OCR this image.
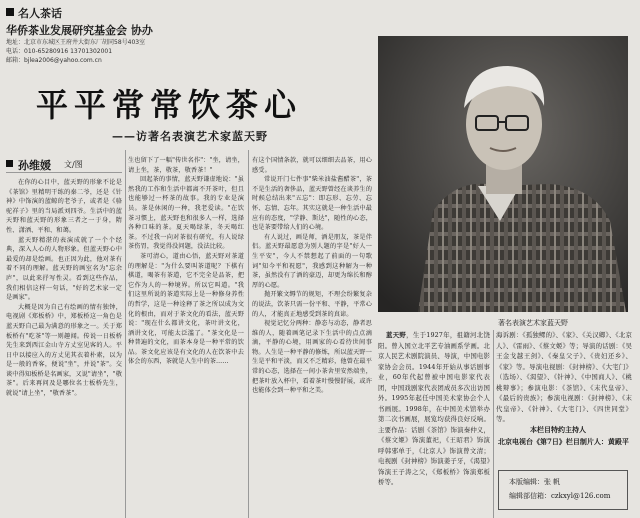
名人茶话
华侨茶业发展研究基金会 协办
地址：北京市东城区王府井大街东厂胡同58号403室
电话：010-65280916 13701302001
邮箱：bjlea2006@yahoo.com.cn
平平常常饮茶心
——访著名表演艺术家蓝天野
孙维媛 文/图

在你的心目中，蓝天野的形象不论是《茶馆》里精明干练的秦二爷，还是《针神》中饰演的蓝鲸的老爷子，或者是《骆驼祥子》里的当局派刘四爷。生活中的蓝天野和蓝天野的形象三者之一于身，隋性、潇洒、平和、和蔼。

蓝天野精湛的表演成就了一个个经典，深入人心的人物形象。但蓝天野心中最爱的却是绘画。也正因为此，他对茶有着不同的理解。蓝天野的画室名为"忘余庐"，以此来抒写性灵。看到这些作品，我们相信这样一句话，"好的艺术家一定是画家"。

大概是因为自己有绘画的情有独钟，电视剧《郑板桥》中，郑板桥这一角色是蓝天野自己最为满意的形象之一。关于郑板桥有"吃茶"等一则趣闻。传说一日板桥先生来到西江金山寺方丈室见客的人。平日中以接应入的方丈见其衣着朴素，以为是一般的香客，便说"坐"，并说"茶"。交谈中得知板桥是名画家，又说"请坐"，"敬茶"。后来再问及是哪位名士板桥先生，就说"请上坐"，"敬香茶"。

生也留下了一幅"传世名作"："坐，请坐，请上坐，茶，敬茶，敬香茶！"

回起茶的事情，蓝天野谦虚地说："虽然我的工作和生活中都离不开茶叶，但且也能够过一杯茶的故事。我的专业是演员。茶是休闲的一种，我老爱读。"在饮茶习惯上，蓝天野也和很多人一样，选择各种口味的茶。夏天喝绿茶，冬天喝红茶。不过我一向对茶很有研究，有人说绿茶伤胃，我觉得没问题，没法比较。

茶可清心，道由心悟，蓝天野对茶道的理解是："为什么要叫茶道呢？下棋有棋道，喝茶有茶道，它不完全是品茶，把它作为人的一种境界。所以它叫道。"我们这里所说的茶道实际上是一种修身养性的哲学，这是一种诠释了茶之所以成为文化的根由，而对于茶文化的看法，蓝天野说："现在什么都讲文化，茶叶讲文化，酒讲文化，可能太泛滥了。"茶文化是一种普遍的文化，而茶本身是一种平常的饮品。茶文化应该是有文化的人在饮茶中去体会的东西，茶就是人生中的茶……

有这个国情条款，就可以细细去品茶，用心感受。

常说开门七件事"柴米油盐酱醋茶"，茶不是生活的奢侈品，蓝天野曾经在谈养生的时候总结出来"五忘"：即忘形、忘劳、忘怀、忘情、忘年。其实这就是一种生活中最应有的态度，"学静、斯达"，随性的心态，也是茶要带给人们的心境。

有人说过，画是师，酒是朋友，茶是伴侣。蓝天野最愿意为别人题的字是"好人一生平安"，今人不禁想起了前面的一句歌词"知今平和祝愿"，我感到这种解为一种茶，虽然没有了酒的豪迈，却更为绵长和醇厚的心愿。

抛开繁文缛节的规矩，不理会纷繁复杂的说法，饮茶只需一份平和、平静，平常心的人，才能真正地感受到茶的真谛。

视觉记忆分两种：静态与动态，静者思维的人，随着画笔记录下生活中的点点滴滴，平静的心境，用画家的心看待世间事物。人生是一种平静的修炼，所以蓝天野一生是平和平淡，而又不乏精彩，他曾在最平常的心态，选择在一间小茶舍里安然端坐，把茶叶放入杯中，看着茶叶慢慢舒展，或许也能体会到一种平和之美。

著名表演艺术家蓝天野

蓝天野，生于1927年，祖籍河北饶阳。曾入国立北平艺专油画系学画。北京人民艺术剧院演员、导演，中国电影家协会会员。1944年开始从事话剧事业，60年代起曾被中国电影家代表团，中国戏剧家代表团成员多次出访国外。1995年起任中国美术家协会个人书画展。1998年，在中国美术馆举办第二次书画展，展览均获得良好反响。主要作品：话剧《茶馆》饰演秦仲义，《蔡文姬》饰演董祀，《王昭君》饰演呼韩邪单于，《北京人》饰演曾文清；电视剧《封神榜》饰演姜子牙，《渴望》饰演王子涛之父，《郑板桥》饰演郑板桥等。

海诉剧：《孤独鳏的》、《家》、《关汉卿》、《北京人》、《雷雨》、《蔡文姬》等；导演的话剧：《吴王金戈越王剑》、《秦皇父子》、《贵妇还乡》、《家》等。导演电视剧：《封神榜》、《大宅门》（选场）、《渴望》、《针神》、《中国商人》、《桃桃辩事》；参演电影：《茶馆》、《末代皇帝》、《最后的贵族》；参演电视剧：《封神榜》、《末代皇帝》、《针神》、《大宅门》、《四世同堂》等。

本栏目特约主持人
北京电视台《第7日》栏目制片人：黄殿平
本版编辑：张 帆
编辑部信箱：czkxyl@126.com
